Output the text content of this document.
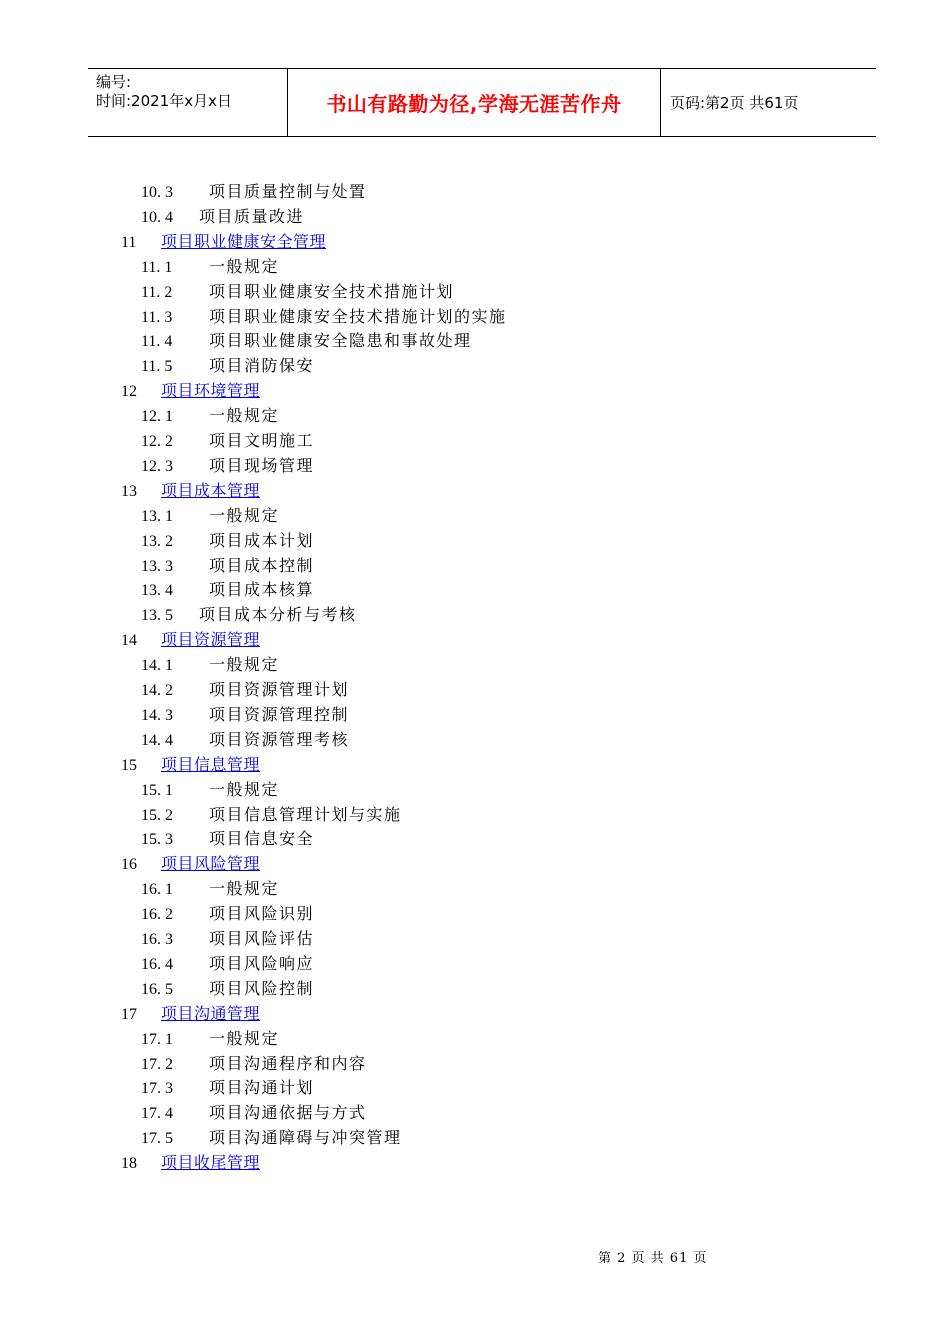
编号:
时间:2021年x月x日	书山有路勤为径,学海无涯苦作舟	页码:第2页 共61页
10. 3 项目质量控制与处置
10. 4 项目质量改进
11 项目职业健康安全管理
11. 1 一般规定
11. 2 项目职业健康安全技术措施计划
11. 3 项目职业健康安全技术措施计划的实施
11. 4 项目职业健康安全隐患和事故处理
11. 5 项目消防保安
12 项目环境管理
12. 1 一般规定
12. 2 项目文明施工
12. 3 项目现场管理
13 项目成本管理
13. 1 一般规定
13. 2 项目成本计划
13. 3 项目成本控制
13. 4 项目成本核算
13. 5 项目成本分析与考核
14 项目资源管理
14. 1 一般规定
14. 2 项目资源管理计划
14. 3 项目资源管理控制
14. 4 项目资源管理考核
15 项目信息管理
15. 1 一般规定
15. 2 项目信息管理计划与实施
15. 3 项目信息安全
16 项目风险管理
16. 1 一般规定
16. 2 项目风险识别
16. 3 项目风险评估
16. 4 项目风险响应
16. 5 项目风险控制
17 项目沟通管理
17. 1 一般规定
17. 2 项目沟通程序和内容
17. 3 项目沟通计划
17. 4 项目沟通依据与方式
17. 5 项目沟通障碍与冲突管理
18 项目收尾管理
第 2 页 共 61 页
